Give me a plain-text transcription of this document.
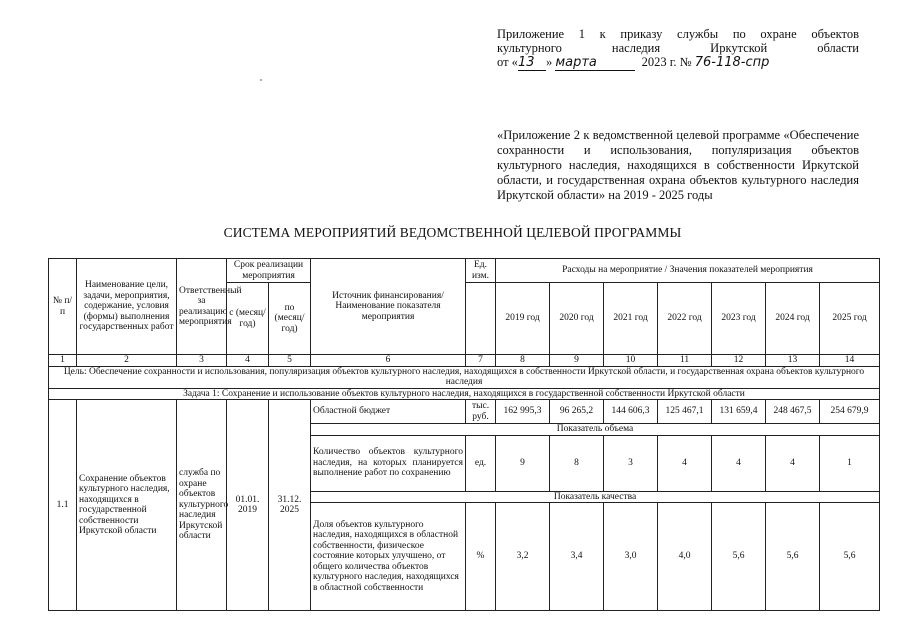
Приложение 1 к приказу службы по охране объектов
культурного наследия Иркутской области
от «13 » марта	2023 г. № 76-118-спр
«Приложение 2 к ведомственной целевой программе «Обеспечение сохранности и использования, популяризация объектов культурного наследия, находящихся в собственности Иркутской области, и государственная охрана объектов культурного наследия Иркутской области» на 2019 - 2025 годы
СИСТЕМА МЕРОПРИЯТИЙ ВЕДОМСТВЕННОЙ ЦЕЛЕВОЙ ПРОГРАММЫ
№ п/п	Наименование цели, задачи, мероприятия, содержание, условия (формы) выполнения государственных работ	Ответственный за реализацию мероприятия	Срок реализации мероприятия		Источник финансирования/ Наименование показателя мероприятия	Ед. изм.	Расходы на мероприятие / Значения показателей мероприятия						
			с (месяц/год)	по (месяц/год)			2019 год	2020 год	2021 год	2022 год	2023 год	2024 год	2025 год
1	2	3	4	5	6	7	8	9	10	11	12	13	14
Цель: Обеспечение сохранности и использования, популяризация объектов культурного наследия, находящихся в собственности Иркутской области, и государственная охрана объектов культурного наследия													
Задача 1: Сохранение и использование объектов культурного наследия, находящихся в государственной собственности Иркутской области													
1.1	Сохранение объектов культурного наследия, находящихся в государственной собственности Иркутской области	служба по охране объектов культурного наследия Иркутской области	01.01. 2019	31.12. 2025	Областной бюджет	тыс. руб.	162 995,3	96 265,2	144 606,3	125 467,1	131 659,4	248 467,5	254 679,9
					Показатель объема								
					Количество объектов культурного наследия, на которых планируется выполнение работ по сохранению	ед.	9	8	3	4	4	4	1
					Показатель качества								
					Доля объектов культурного наследия, находящихся в областной собственности, физическое состояние которых улучшено, от общего количества объектов культурного наследия, находящихся в областной собственности	%	3,2	3,4	3,0	4,0	5,6	5,6	5,6
